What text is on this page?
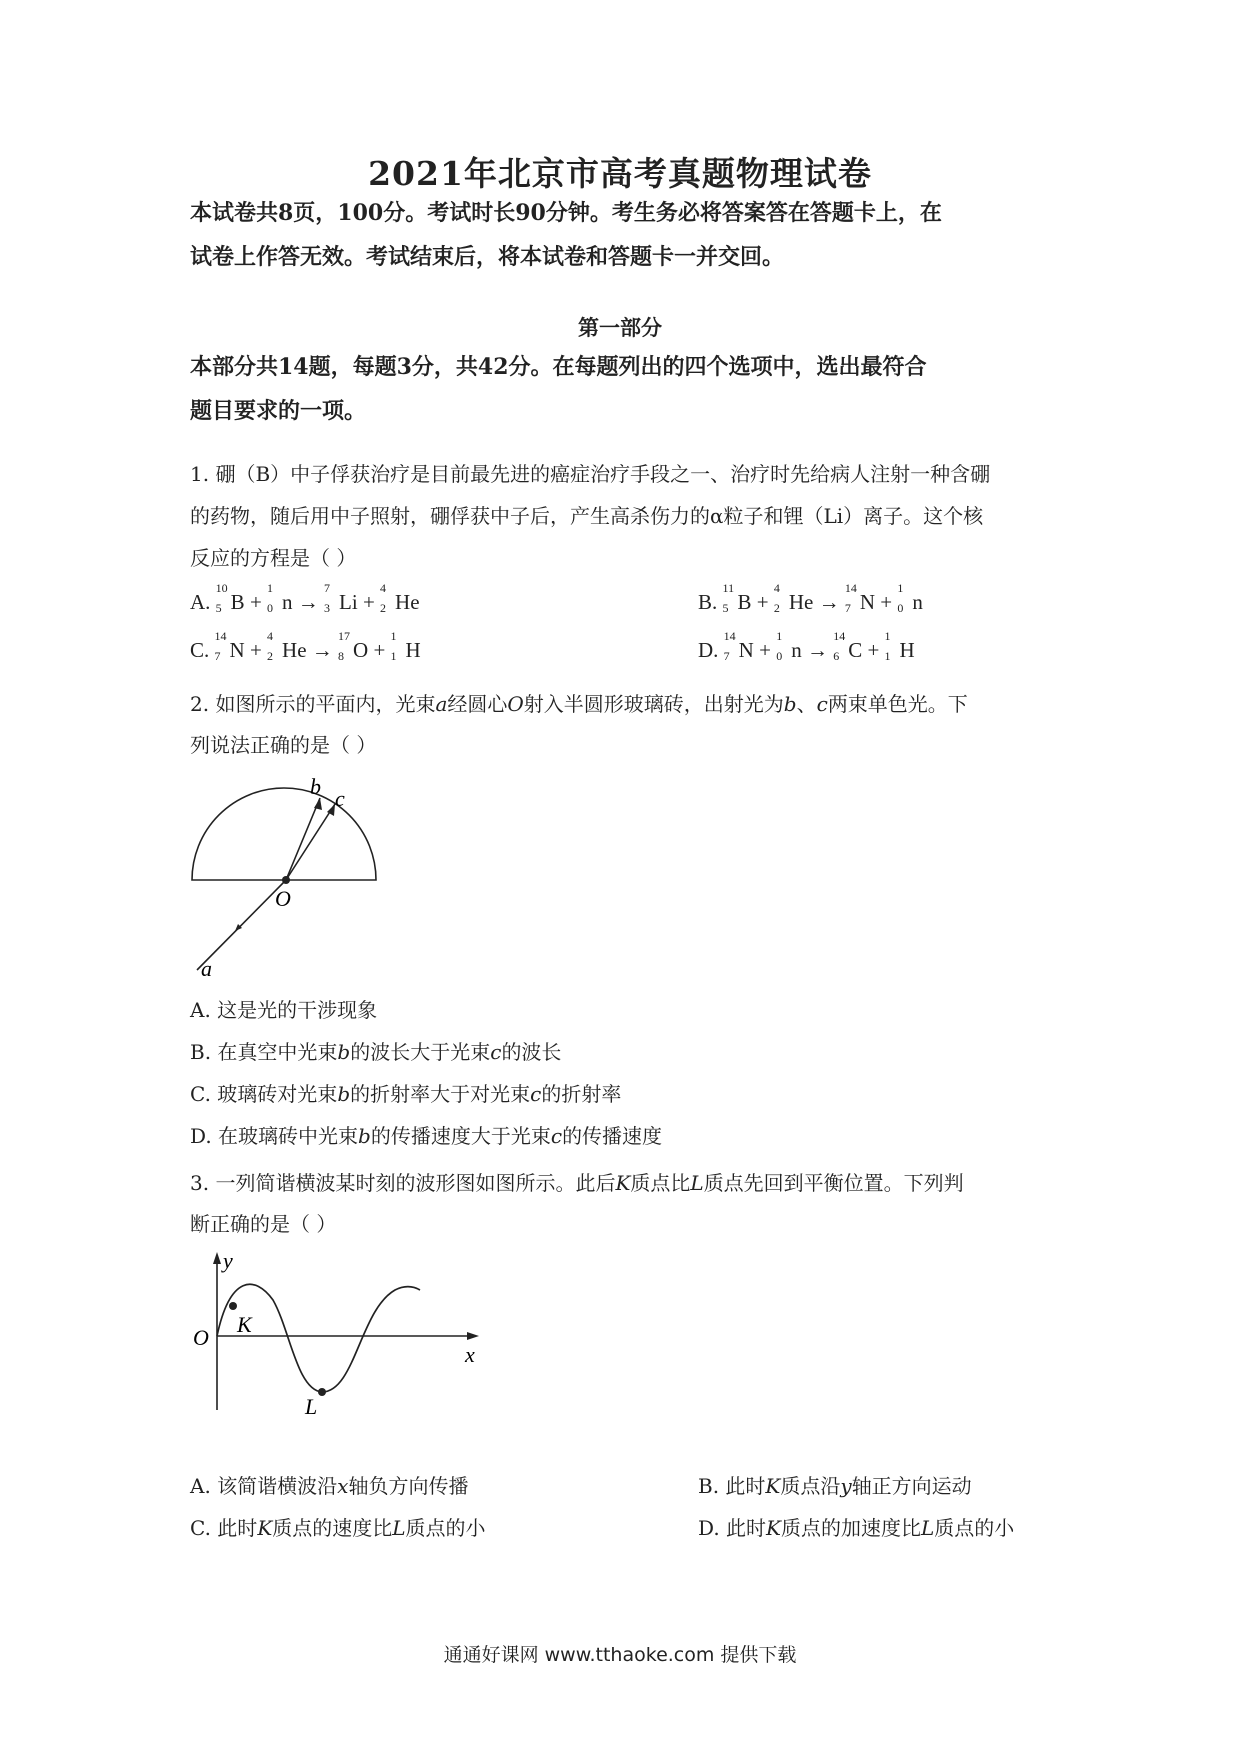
2021年北京市高考真题物理试卷
本试卷共8页，100分。考试时长90分钟。考生务必将答案答在答题卡上，在
试卷上作答无效。考试结束后，将本试卷和答题卡一并交回。
第一部分
本部分共14题，每题3分，共42分。在每题列出的四个选项中，选出最符合
题目要求的一项。
1. 硼（B）中子俘获治疗是目前最先进的癌症治疗手段之一、治疗时先给病人注射一种含硼
的药物，随后用中子照射，硼俘获中子后，产生高杀伤力的α粒子和锂（Li）离子。这个核
反应的方程是（ ）
A.
10
5 B +
1
0 n →
7
3 Li +
4
2 He	B.
11
5 B +
4
2 He →
14
7 N +
1
0 n
C.
14
7 N +
4
2 He →
17
8 O +
1
1 H	D.
14
7 N +
1
0 n →
14
6 C +
1
1 H
2. 如图所示的平面内，光束a经圆心O射入半圆形玻璃砖，出射光为b、c两束单色光。下
列说法正确的是（ ）
b c
O
a
A. 这是光的干涉现象
B. 在真空中光束b的波长大于光束c的波长
C. 玻璃砖对光束b的折射率大于对光束c的折射率
D. 在玻璃砖中光束b的传播速度大于光束c的传播速度
3. 一列简谐横波某时刻的波形图如图所示。此后K质点比L质点先回到平衡位置。下列判
断正确的是（ ）
y
x
O
K
L
A. 该简谐横波沿x轴负方向传播	B. 此时K质点沿y轴正方向运动
C. 此时K质点的速度比L质点的小	D. 此时K质点的加速度比L质点的小
通通好课网 www.tthaoke.com 提供下载
